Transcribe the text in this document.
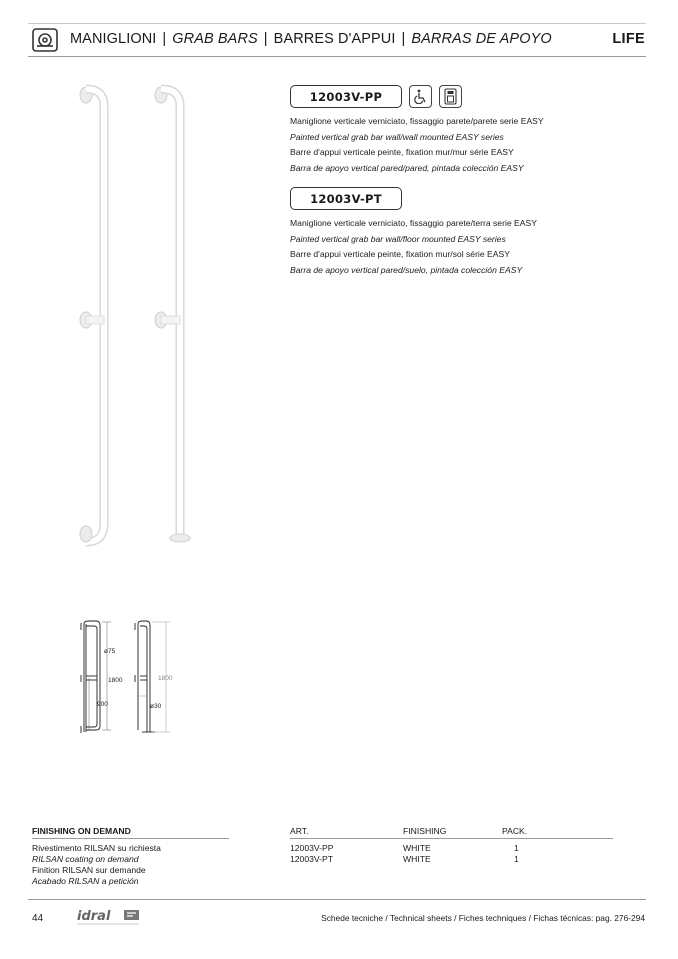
MANIGLIONI | GRAB BARS | BARRES D'APPUI | BARRAS DE APOYO	LIFE
12003V-PP
Maniglione verticale verniciato, fissaggio parete/parete serie EASY
Painted vertical grab bar wall/wall mounted EASY series
Barre d'appui verticale peinte, fixation mur/mur série EASY
Barra de apoyo vertical pared/pared, pintada colección EASY
12003V-PT
Maniglione verticale verniciato, fissaggio parete/terra serie EASY
Painted vertical grab bar wall/floor mounted EASY series
Barre d'appui verticale peinte, fixation mur/sol série EASY
Barra de apoyo vertical pared/suelo, pintada colección EASY
ø75
1800
900
1800
ø30
FINISHING ON DEMAND
Rivestimento RILSAN su richiesta
RILSAN coating on demand
Finition RILSAN sur demande
Acabado RILSAN a petición
ART.	FINISHING	PACK.
12003V-PP	WHITE	1
12003V-PT	WHITE	1
44	idral	Schede tecniche / Technical sheets / Fiches techniques / Fichas técnicas: pag. 276-294
